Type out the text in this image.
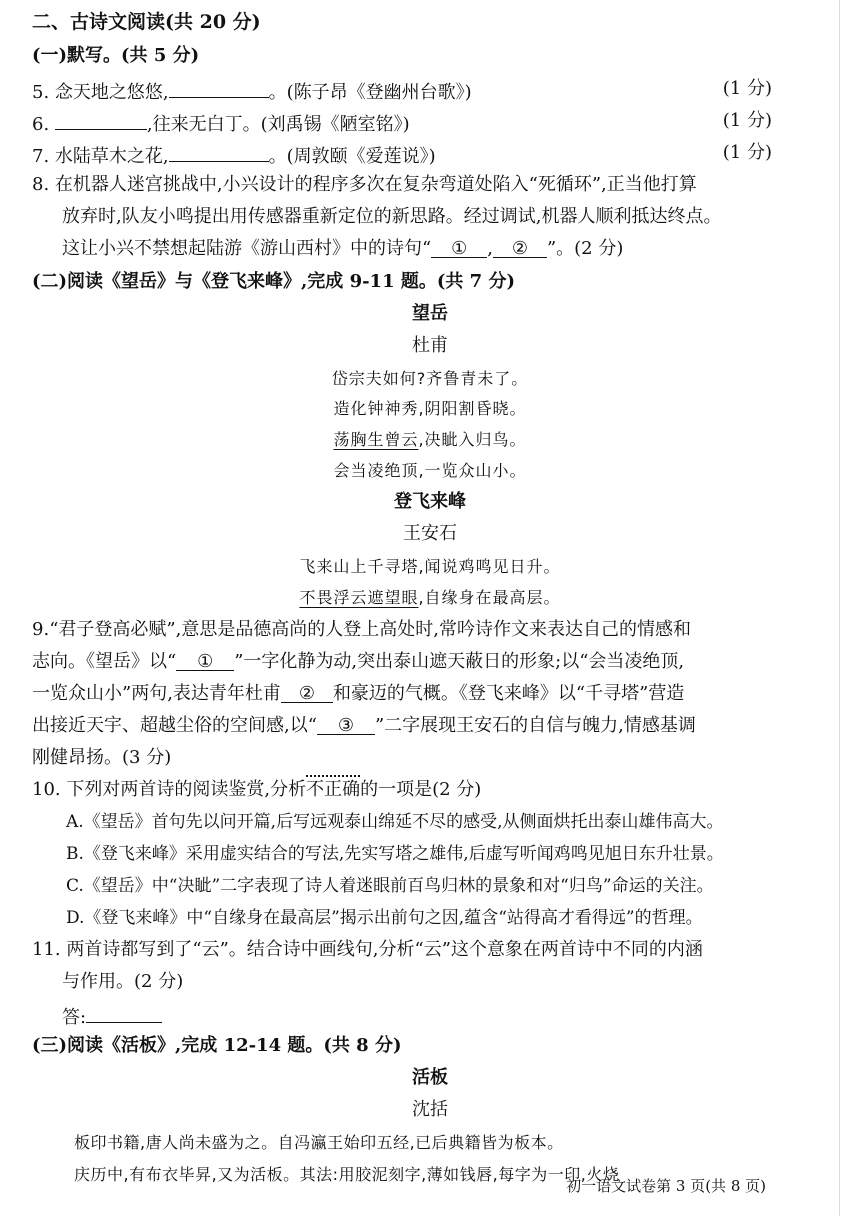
二、古诗文阅读(共 20 分)
(一)默写。(共 5 分)
5. 念天地之悠悠,	。(陈子昂《登幽州台歌》)	(1 分)
6.	,往来无白丁。(刘禹锡《陋室铭》)	(1 分)
7. 水陆草木之花,	。(周敦颐《爱莲说》)	(1 分)
8. 在机器人迷宫挑战中,小兴设计的程序多次在复杂弯道处陷入“死循环”,正当他打算
放弃时,队友小鸣提出用传感器重新定位的新思路。经过调试,机器人顺利抵达终点。
这让小兴不禁想起陆游《游山西村》中的诗句“ ① , ② ”。(2 分)
(二)阅读《望岳》与《登飞来峰》,完成 9-11 题。(共 7 分)
望岳
杜甫
岱宗夫如何?齐鲁青未了。
造化钟神秀,阴阳割昏晓。
荡胸生曾云,决眦入归鸟。
会当凌绝顶,一览众山小。
登飞来峰
王安石
飞来山上千寻塔,闻说鸡鸣见日升。
不畏浮云遮望眼,自缘身在最高层。
9.“君子登高必赋”,意思是品德高尚的人登上高处时,常吟诗作文来表达自己的情感和
志向。《望岳》以“ ① ”一字化静为动,突出泰山遮天蔽日的形象;以“会当凌绝顶,
一览众山小”两句,表达青年杜甫 ② 和豪迈的气概。《登飞来峰》以“千寻塔”营造
出接近天宇、超越尘俗的空间感,以“ ③ ”二字展现王安石的自信与魄力,情感基调
刚健昂扬。(3 分)
10. 下列对两首诗的阅读鉴赏,分析不正确的一项是(2 分)
A.《望岳》首句先以问开篇,后写远观泰山绵延不尽的感受,从侧面烘托出泰山雄伟高大。
B.《登飞来峰》采用虚实结合的写法,先实写塔之雄伟,后虚写听闻鸡鸣见旭日东升壮景。
C.《望岳》中“决眦”二字表现了诗人着迷眼前百鸟归林的景象和对“归鸟”命运的关注。
D.《登飞来峰》中“自缘身在最高层”揭示出前句之因,蕴含“站得高才看得远”的哲理。
11. 两首诗都写到了“云”。结合诗中画线句,分析“云”这个意象在两首诗中不同的内涵
与作用。(2 分)
答:
(三)阅读《活板》,完成 12-14 题。(共 8 分)
活板
沈括
板印书籍,唐人尚未盛为之。自冯瀛王始印五经,已后典籍皆为板本。
庆历中,有布衣毕昇,又为活板。其法:用胶泥刻字,薄如钱唇,每字为一印,火烧
初一语文试卷第 3 页(共 8 页)
